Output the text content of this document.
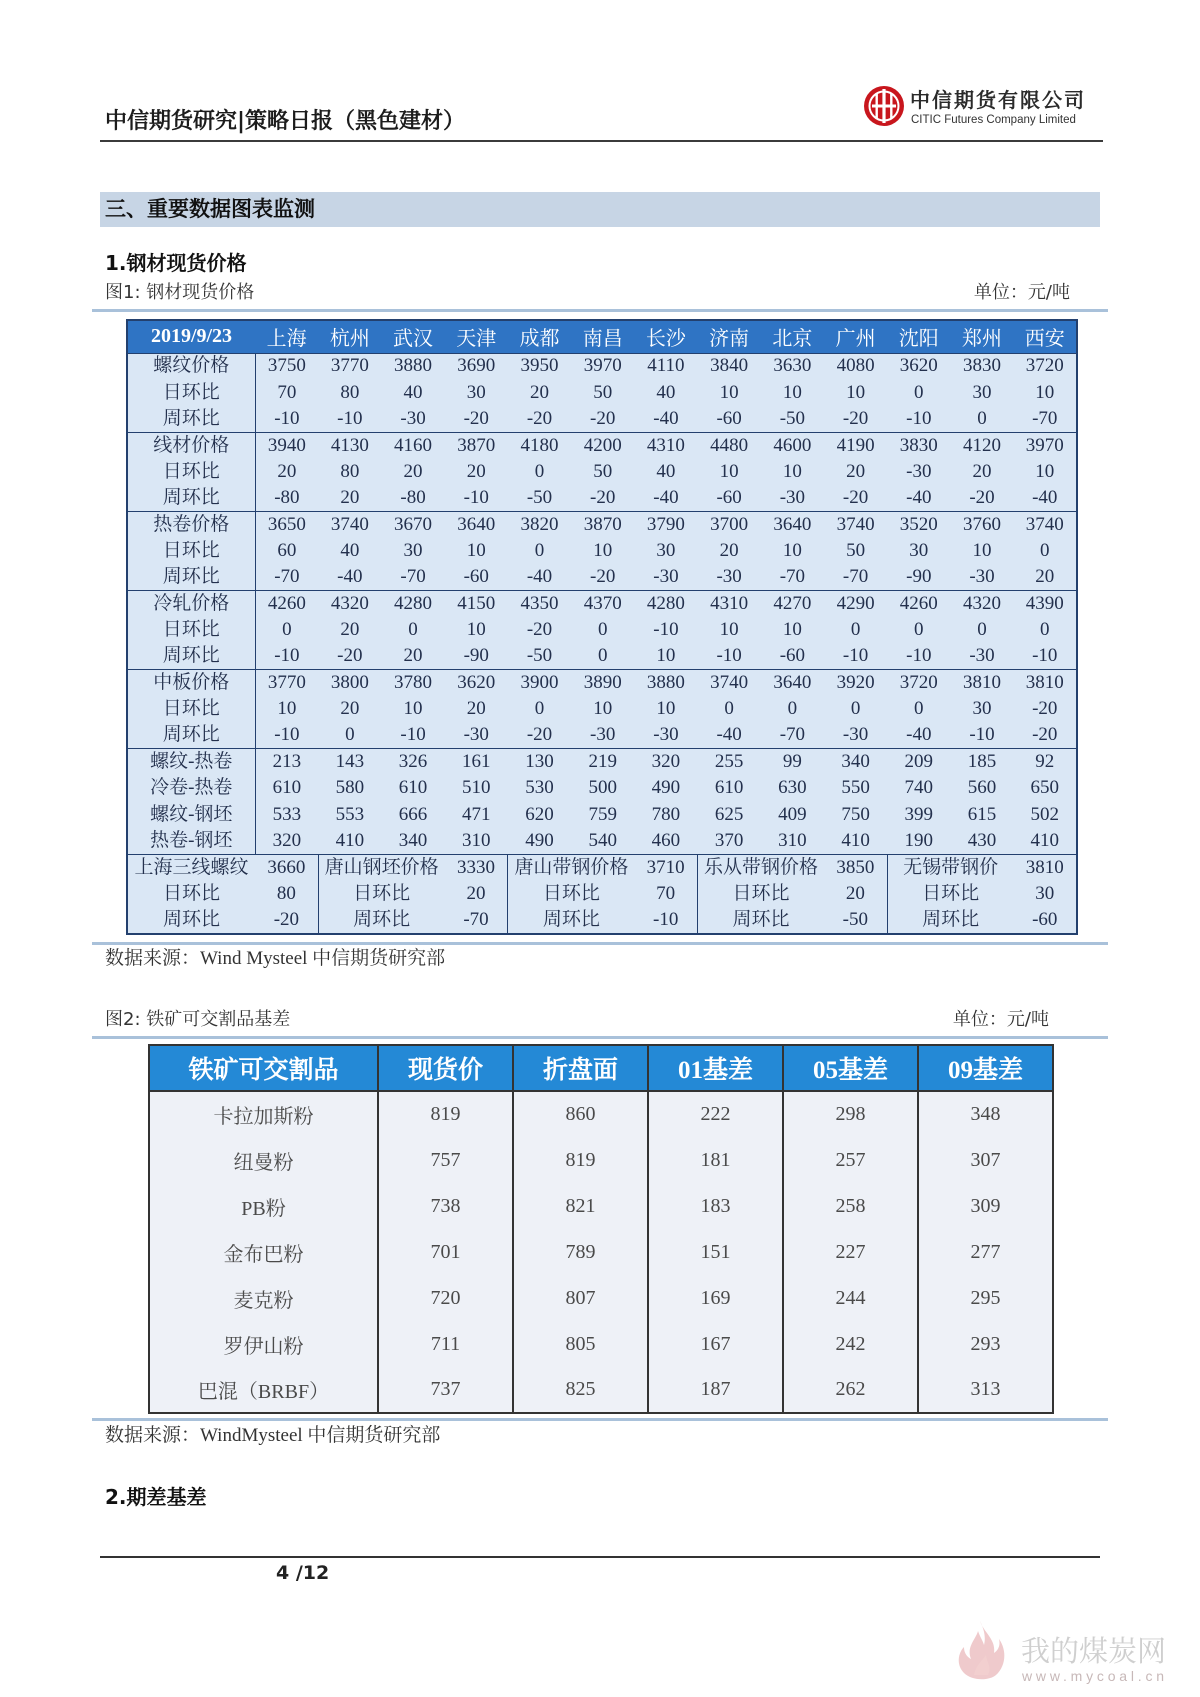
中信期货研究|策略日报（黑色建材）
中信期货有限公司
CITIC Futures Company Limited
三、重要数据图表监测
1.钢材现货价格
图1: 钢材现货价格	单位：元/吨
2019/9/23	上海	杭州	武汉	天津	成都	南昌	长沙	济南	北京	广州	沈阳	郑州	西安
螺纹价格	3750	3770	3880	3690	3950	3970	4110	3840	3630	4080	3620	3830	3720
日环比	70	80	40	30	20	50	40	10	10	10	0	30	10
周环比	-10	-10	-30	-20	-20	-20	-40	-60	-50	-20	-10	0	-70
线材价格	3940	4130	4160	3870	4180	4200	4310	4480	4600	4190	3830	4120	3970
日环比	20	80	20	20	0	50	40	10	10	20	-30	20	10
周环比	-80	20	-80	-10	-50	-20	-40	-60	-30	-20	-40	-20	-40
热卷价格	3650	3740	3670	3640	3820	3870	3790	3700	3640	3740	3520	3760	3740
日环比	60	40	30	10	0	10	30	20	10	50	30	10	0
周环比	-70	-40	-70	-60	-40	-20	-30	-30	-70	-70	-90	-30	20
冷轧价格	4260	4320	4280	4150	4350	4370	4280	4310	4270	4290	4260	4320	4390
日环比	0	20	0	10	-20	0	-10	10	10	0	0	0	0
周环比	-10	-20	20	-90	-50	0	10	-10	-60	-10	-10	-30	-10
中板价格	3770	3800	3780	3620	3900	3890	3880	3740	3640	3920	3720	3810	3810
日环比	10	20	10	20	0	10	10	0	0	0	0	30	-20
周环比	-10	0	-10	-30	-20	-30	-30	-40	-70	-30	-40	-10	-20
螺纹-热卷	213	143	326	161	130	219	320	255	99	340	209	185	92
冷卷-热卷	610	580	610	510	530	500	490	610	630	550	740	560	650
螺纹-钢坯	533	553	666	471	620	759	780	625	409	750	399	615	502
热卷-钢坯	320	410	340	310	490	540	460	370	310	410	190	430	410
上海三线螺纹	3660	唐山钢坯价格		3330	唐山带钢价格		3710	乐从带钢价格		3850	无锡带钢价		3810
日环比	80	日环比		20	日环比		70	日环比		20	日环比		30
周环比	-20	周环比		-70	周环比		-10	周环比		-50	周环比		-60
数据来源：Wind Mysteel 中信期货研究部
图2: 铁矿可交割品基差	单位：元/吨
铁矿可交割品	现货价	折盘面	01基差	05基差	09基差
卡拉加斯粉	819	860	222	298	348
纽曼粉	757	819	181	257	307
PB粉	738	821	183	258	309
金布巴粉	701	789	151	227	277
麦克粉	720	807	169	244	295
罗伊山粉	711	805	167	242	293
巴混（BRBF）	737	825	187	262	313
数据来源：WindMysteel 中信期货研究部
2.期差基差
4 /12
我的煤炭网
www.mycoal.cn
